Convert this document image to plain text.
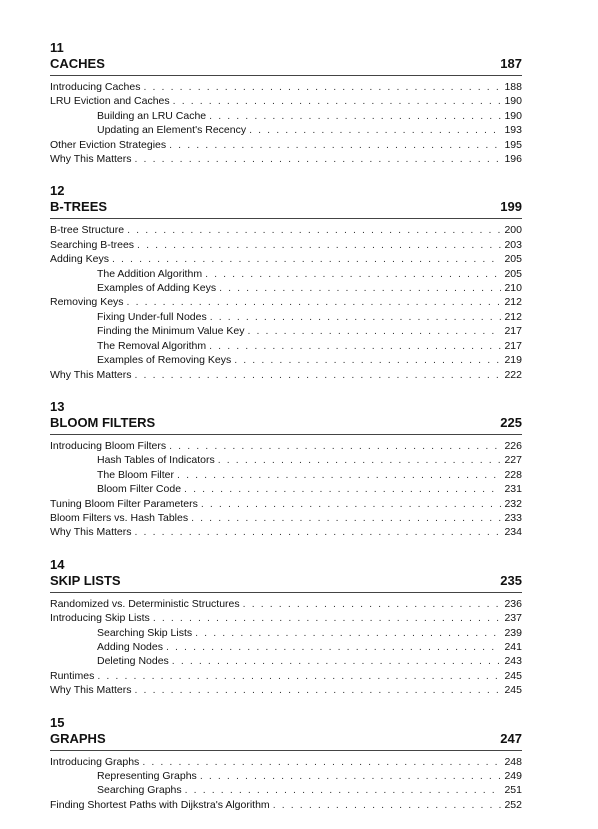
11
CACHES	187
Introducing Caches . . .	188
LRU Eviction and Caches . . .	190
Building an LRU Cache . . .	190
Updating an Element's Recency . . .	193
Other Eviction Strategies . . .	195
Why This Matters . . .	196
12
B-TREES	199
B-tree Structure . . .	200
Searching B-trees . . .	203
Adding Keys . . .	205
The Addition Algorithm . . .	205
Examples of Adding Keys . . .	210
Removing Keys . . .	212
Fixing Under-full Nodes . . .	212
Finding the Minimum Value Key . . .	217
The Removal Algorithm . . .	217
Examples of Removing Keys . . .	219
Why This Matters . . .	222
13
BLOOM FILTERS	225
Introducing Bloom Filters . . .	226
Hash Tables of Indicators . . .	227
The Bloom Filter . . .	228
Bloom Filter Code . . .	231
Tuning Bloom Filter Parameters . . .	232
Bloom Filters vs. Hash Tables . . .	233
Why This Matters . . .	234
14
SKIP LISTS	235
Randomized vs. Deterministic Structures . . .	236
Introducing Skip Lists . . .	237
Searching Skip Lists . . .	239
Adding Nodes . . .	241
Deleting Nodes . . .	243
Runtimes . . .	245
Why This Matters . . .	245
15
GRAPHS	247
Introducing Graphs . . .	248
Representing Graphs . . .	249
Searching Graphs . . .	251
Finding Shortest Paths with Dijkstra's Algorithm . . .	252
